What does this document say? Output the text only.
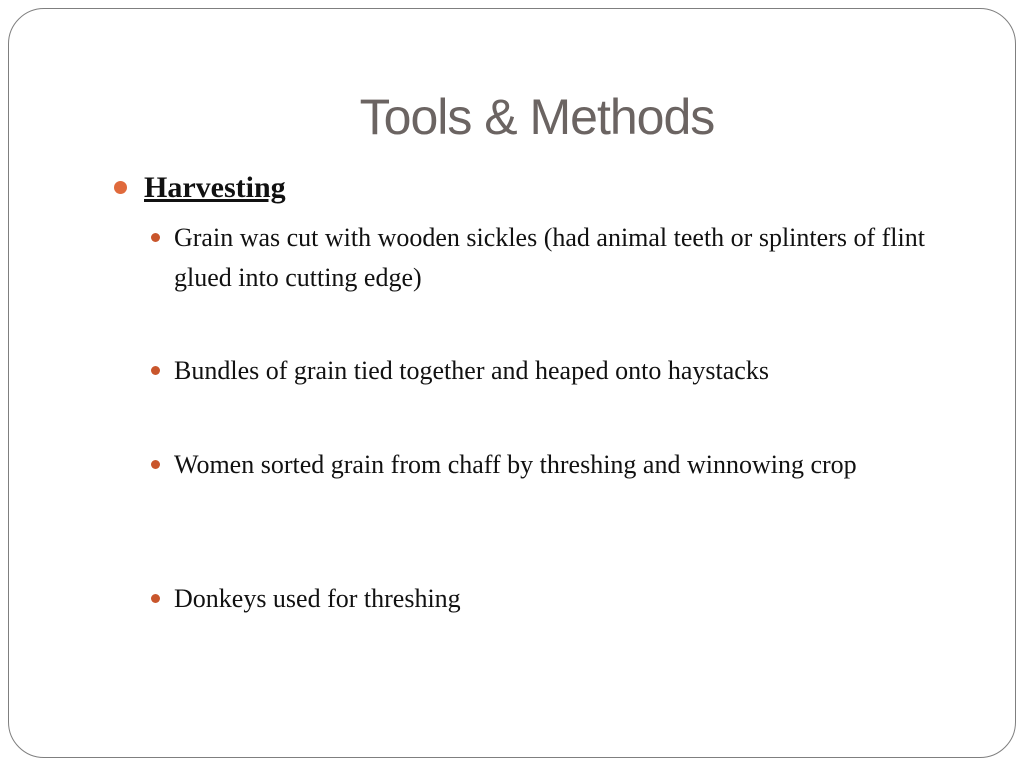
Tools & Methods
Harvesting
Grain was cut with wooden sickles (had animal teeth or splinters of flint glued into cutting edge)
Bundles of grain tied together and heaped onto haystacks
Women sorted grain from chaff by threshing and winnowing crop
Donkeys used for threshing
